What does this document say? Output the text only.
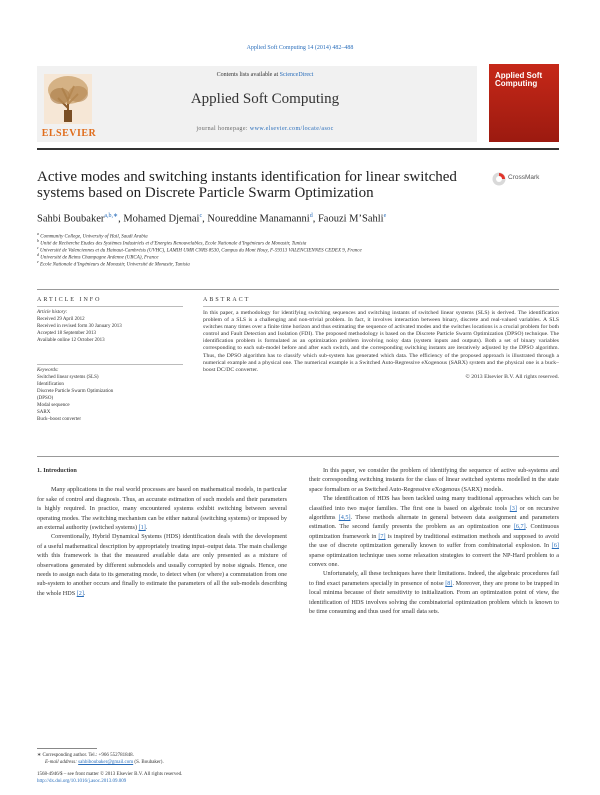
Applied Soft Computing 14 (2014) 482–488
ELSEVIER
Contents lists available at ScienceDirect
Applied Soft Computing
journal homepage: www.elsevier.com/locate/asoc
Applied Soft Computing
Active modes and switching instants identification for linear switched systems based on Discrete Particle Swarm Optimization
CrossMark
Sahbi Boubaker$^{a,b,∗}$, Mohamed Djemai$^c$, Noureddine Manamanni$^d$, Faouzi M’Sahli$^e$
$^a$ Community College, University of Hail, Saudi Arabia
$^b$ Unité de Recherche Etudes des Systèmes Industriels et d’Energies Renouvelables, Ecole Nationale d’Ingénieurs de Monastir, Tunisia
$^c$ Université de Valenciennes et du Hainaut-Cambrésis (UVHC), LAMIH UMR CNRS 8530, Campus du Mont Houy, F-59313 VALENCIENNES CEDEX 9, France
$^d$ Université de Reims Champagne Ardenne (URCA), France
$^e$ Ecole Nationale d’Ingénieurs de Monastir, Université de Monastir, Tunisia
ARTICLE INFO	ABSTRACT
Article history:
Received 29 April 2012
Received in revised form 30 January 2013
Accepted 18 September 2013
Available online 12 October 2013
Keywords:
Switched linear systems (SLS)
Identification
Discrete Particle Swarm Optimization
(DPSO)
Modal sequence
SARX
Buck–boost converter
In this paper, a methodology for identifying switching sequences and switching instants of switched linear systems (SLS) is derived. The identification problem of a SLS is a challenging and non-trivial problem. In fact, it involves interaction between binary, discrete and real-valued variables. A SLS switches many times over a finite time horizon and thus estimating the sequence of activated modes and the switches locations is a crucial problem for both control and Fault Detection and Isolation (FDI). The proposed methodology is based on the Discrete Particle Swarm Optimization (DPSO) technique. The identification problem is formulated as an optimization problem involving noisy data (system inputs and outputs). Both a set of binary variables corresponding to each sub-model before and after each switch, and the corresponding switching instants are iteratively adjusted by the DPSO algorithm. Thus, the DPSO algorithm has to classify which sub-system has generated which data. The efficiency of the proposed approach is illustrated through a numerical example and a physical one. The numerical example is a Switched Auto-Regressive eXogenous (SARX) system and the physical one is a buck–boost DC/DC converter.
© 2013 Elsevier B.V. All rights reserved.
1. Introduction
Many applications in the real world processes are based on mathematical models, in particular for sake of control and diagnosis. Thus, an accurate estimation of such models and their parameters is highly required. In practice, many encountered systems exhibit switching between several operating modes. The switching mechanism can be either natural (switching systems) or imposed by an external authority (switched systems) [1].
Conventionally, Hybrid Dynamical Systems (HDS) identification deals with the development of a useful mathematical description by appropriately treating input–output data. The main challenge with this framework is that the measured available data are only presented as a mixture of observations generated by different submodels and usually corrupted by noise signals. Hence, one needs to assign each data to its generating mode, to detect when (or where) a commutation from one sub-system to another occurs and finally to estimate the parameters of all the sub-models describing the whole HDS [2].
In this paper, we consider the problem of identifying the sequence of active sub-systems and their corresponding switching instants for the class of linear switched systems modelled in the state space formalism or as Switched Auto-Regressive eXogenous (SARX) models.
The identification of HDS has been tackled using many traditional approaches which can be classified into two major families. The first one is based on algebraic tools [3] or on recursive algorithms [4,5]. These methods alternate in general between data assignment and parameters estimation. The second family presents the problem as an optimization one [6,7]. Continuous optimization framework in [7] is inspired by traditional estimation methods and supposed to avoid the use of discrete optimization generally known to suffer from combinatorial explosion. In [6] sparse optimization technique uses some relaxation strategies to convert the NP-Hard problem to a convex one.
Unfortunately, all these techniques have their limitations. Indeed, the algebraic procedures fail to find exact parameters specially in presence of noise [8]. Moreover, they are prone to be trapped in local minima because of their sensitivity to initialization. From an optimization point of view, the identification of HDS involves solving the combinatorial optimization problem which is known to be time consuming and thus used for small data sets.
∗ Corresponding author. Tel.: +966 552781848.
E-mail address: sahbiboubaker@gmail.com (S. Boubaker).
1568-4946/$ – see front matter © 2013 Elsevier B.V. All rights reserved.
http://dx.doi.org/10.1016/j.asoc.2013.09.009
